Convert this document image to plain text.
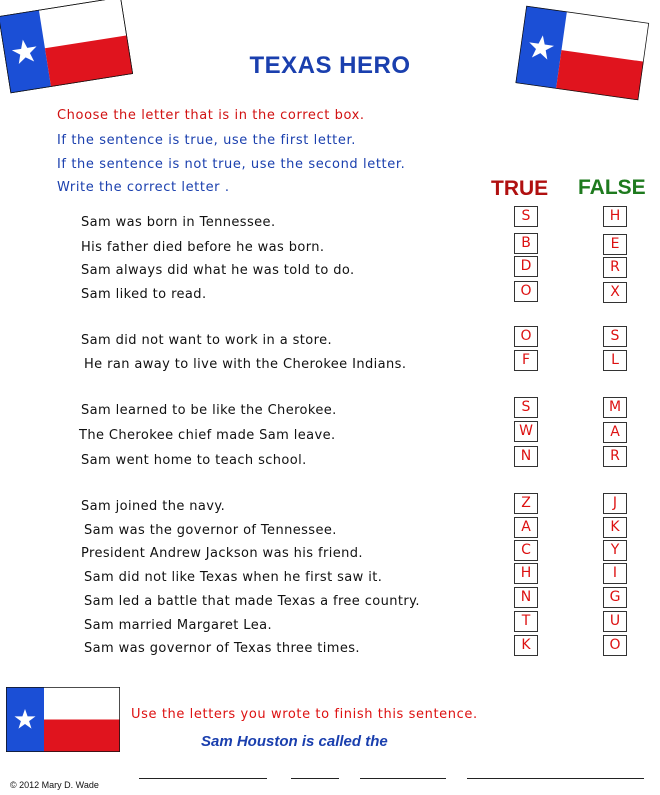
TEXAS HERO
Choose the letter that is in the correct box.
If the sentence is true, use the first letter.
If the sentence is not true, use the second letter.
Write the correct letter .	TRUE FALSE
Sam was born in Tennessee.
His father died before he was born.
Sam always did what he was told to do.
Sam liked to read.
Sam did not want to work in a store.
He ran away to live with the Cherokee Indians.
Sam learned to be like the Cherokee.
The Cherokee chief made Sam leave.
Sam went home to teach school.
Sam joined the navy.
Sam was the governor of Tennessee.
President Andrew Jackson was his friend.
Sam did not like Texas when he first saw it.
Sam led a battle that made Texas a free country.
Sam married Margaret Lea.
Sam was governor of Texas three times.
S
B
D
O
O
F
S
W
N
Z
A
C
H
N
T
K
H
E
R
X
S
L
M
A
R
J
K
Y
I
G
U
O
Use the letters you wrote to finish this sentence.
Sam Houston is called the
© 2012 Mary D. Wade
